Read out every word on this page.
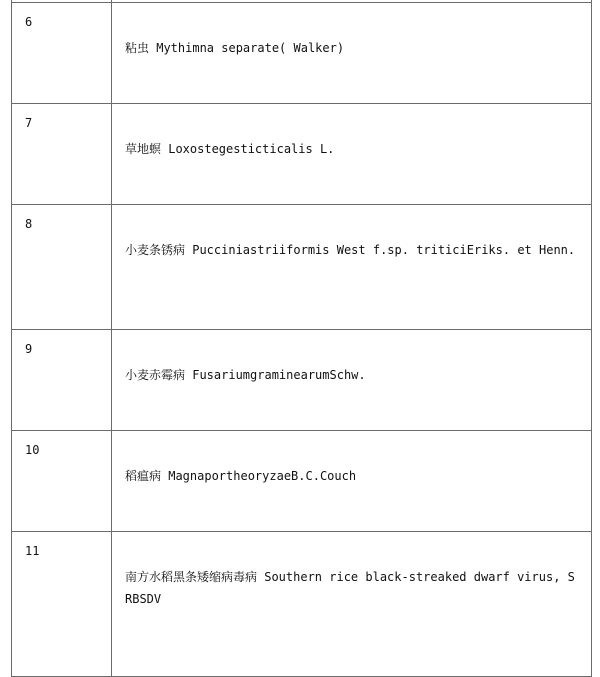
6	粘虫 Mythimna separate( Walker)
7	草地螟 Loxostegesticticalis L.
8	小麦条锈病 Pucciniastriiformis West f.sp. triticiEriks. et Henn.
9	小麦赤霉病 FusariumgraminearumSchw.
10	稻瘟病 MagnaportheoryzaeB.C.Couch
11	南方水稻黑条矮缩病毒病 Southern rice black-streaked dwarf virus, SRBSDV
